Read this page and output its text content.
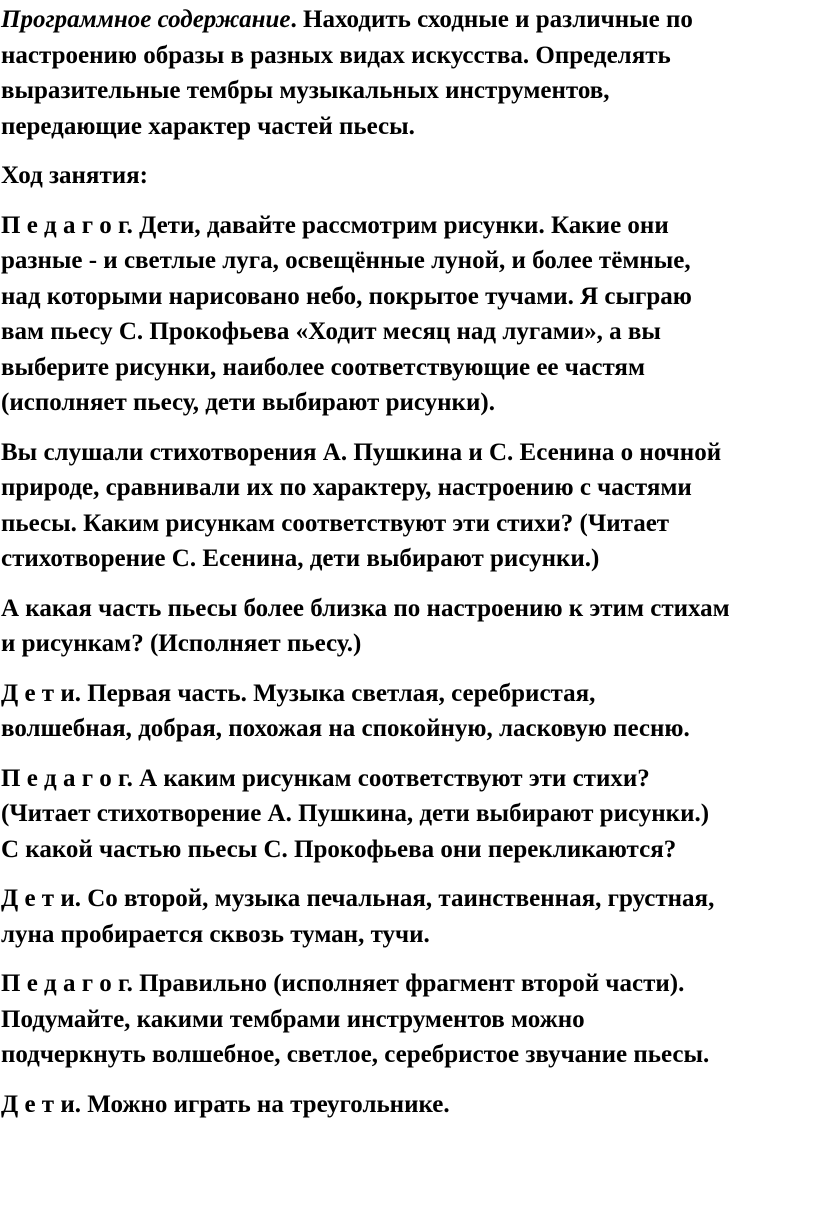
Программное содержание. Находить сходные и различные по
настроению образы в разных видах искусства. Определять
выразительные тембры музыкальных инструментов,
передающие характер частей пьесы.

Ход занятия:

П е д а г о г. Дети, давайте рассмотрим рисунки. Какие они
разные - и светлые луга, освещённые луной, и более тёмные,
над которыми нарисовано небо, покрытое тучами. Я сыграю
вам пьесу С. Прокофьева «Ходит месяц над лугами», а вы
выберите рисунки, наиболее соответствующие ее частям
(исполняет пьесу, дети выбирают рисунки).

Вы слушали стихотворения А. Пушкина и С. Есенина о ночной
природе, сравнивали их по характеру, настроению с частями
пьесы. Каким рисункам соответствуют эти стихи? (Читает
стихотворение С. Есенина, дети выбирают рисунки.)

А какая часть пьесы более близка по настроению к этим стихам
и рисункам? (Исполняет пьесу.)

Д е т и. Первая часть. Музыка светлая, серебристая,
волшебная, добрая, похожая на спокойную, ласковую песню.

П е д а г о г. А каким рисункам соответствуют эти стихи?
(Читает стихотворение А. Пушкина, дети выбирают рисунки.)
С какой частью пьесы С. Прокофьева они перекликаются?

Д е т и. Со второй, музыка печальная, таинственная, грустная,
луна пробирается сквозь туман, тучи.

П е д а г о г. Правильно (исполняет фрагмент второй части).
Подумайте, какими тембрами инструментов можно
подчеркнуть волшебное, светлое, серебристое звучание пьесы.

Д е т и. Можно играть на треугольнике.
